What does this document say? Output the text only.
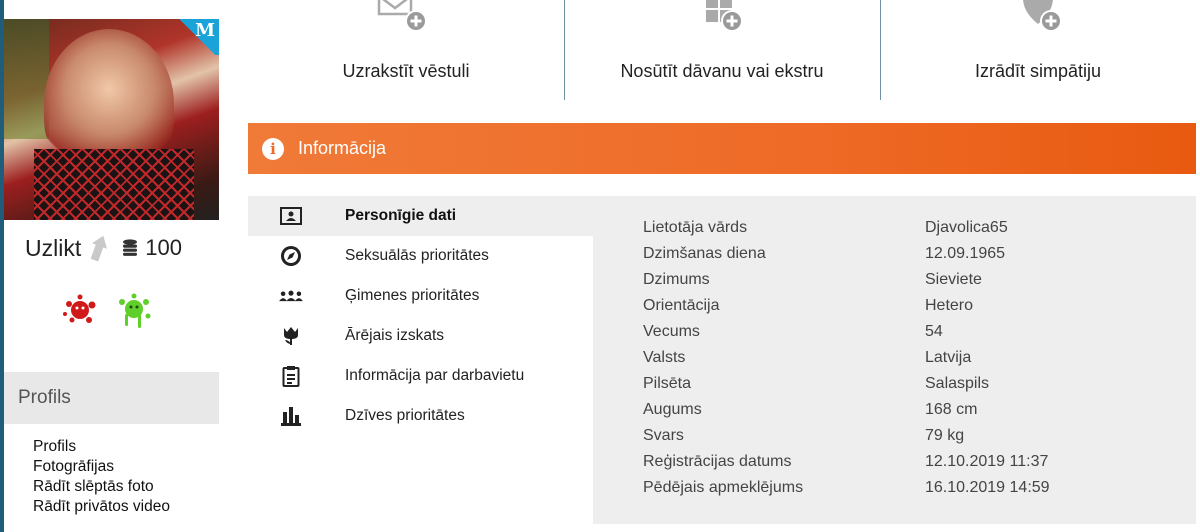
M
Uzlikt	100
Profils
Profils
Fotogrāfijas
Rādīt slēptās foto
Rādīt privātos video
Uzrakstīt vēstuli	Nosūtīt dāvanu vai ekstru	Izrādīt simpātiju
i	Informācija
Personīgie dati
Seksuālās prioritātes
Ģimenes prioritātes
Ārējais izskats
Informācija par darbavietu
Dzīves prioritātes
Lietotāja vārds	Djavolica65
Dzimšanas diena	12.09.1965
Dzimums	Sieviete
Orientācija	Hetero
Vecums	54
Valsts	Latvija
Pilsēta	Salaspils
Augums	168 cm
Svars	79 kg
Reģistrācijas datums	12.10.2019 11:37
Pēdējais apmeklējums	16.10.2019 14:59
